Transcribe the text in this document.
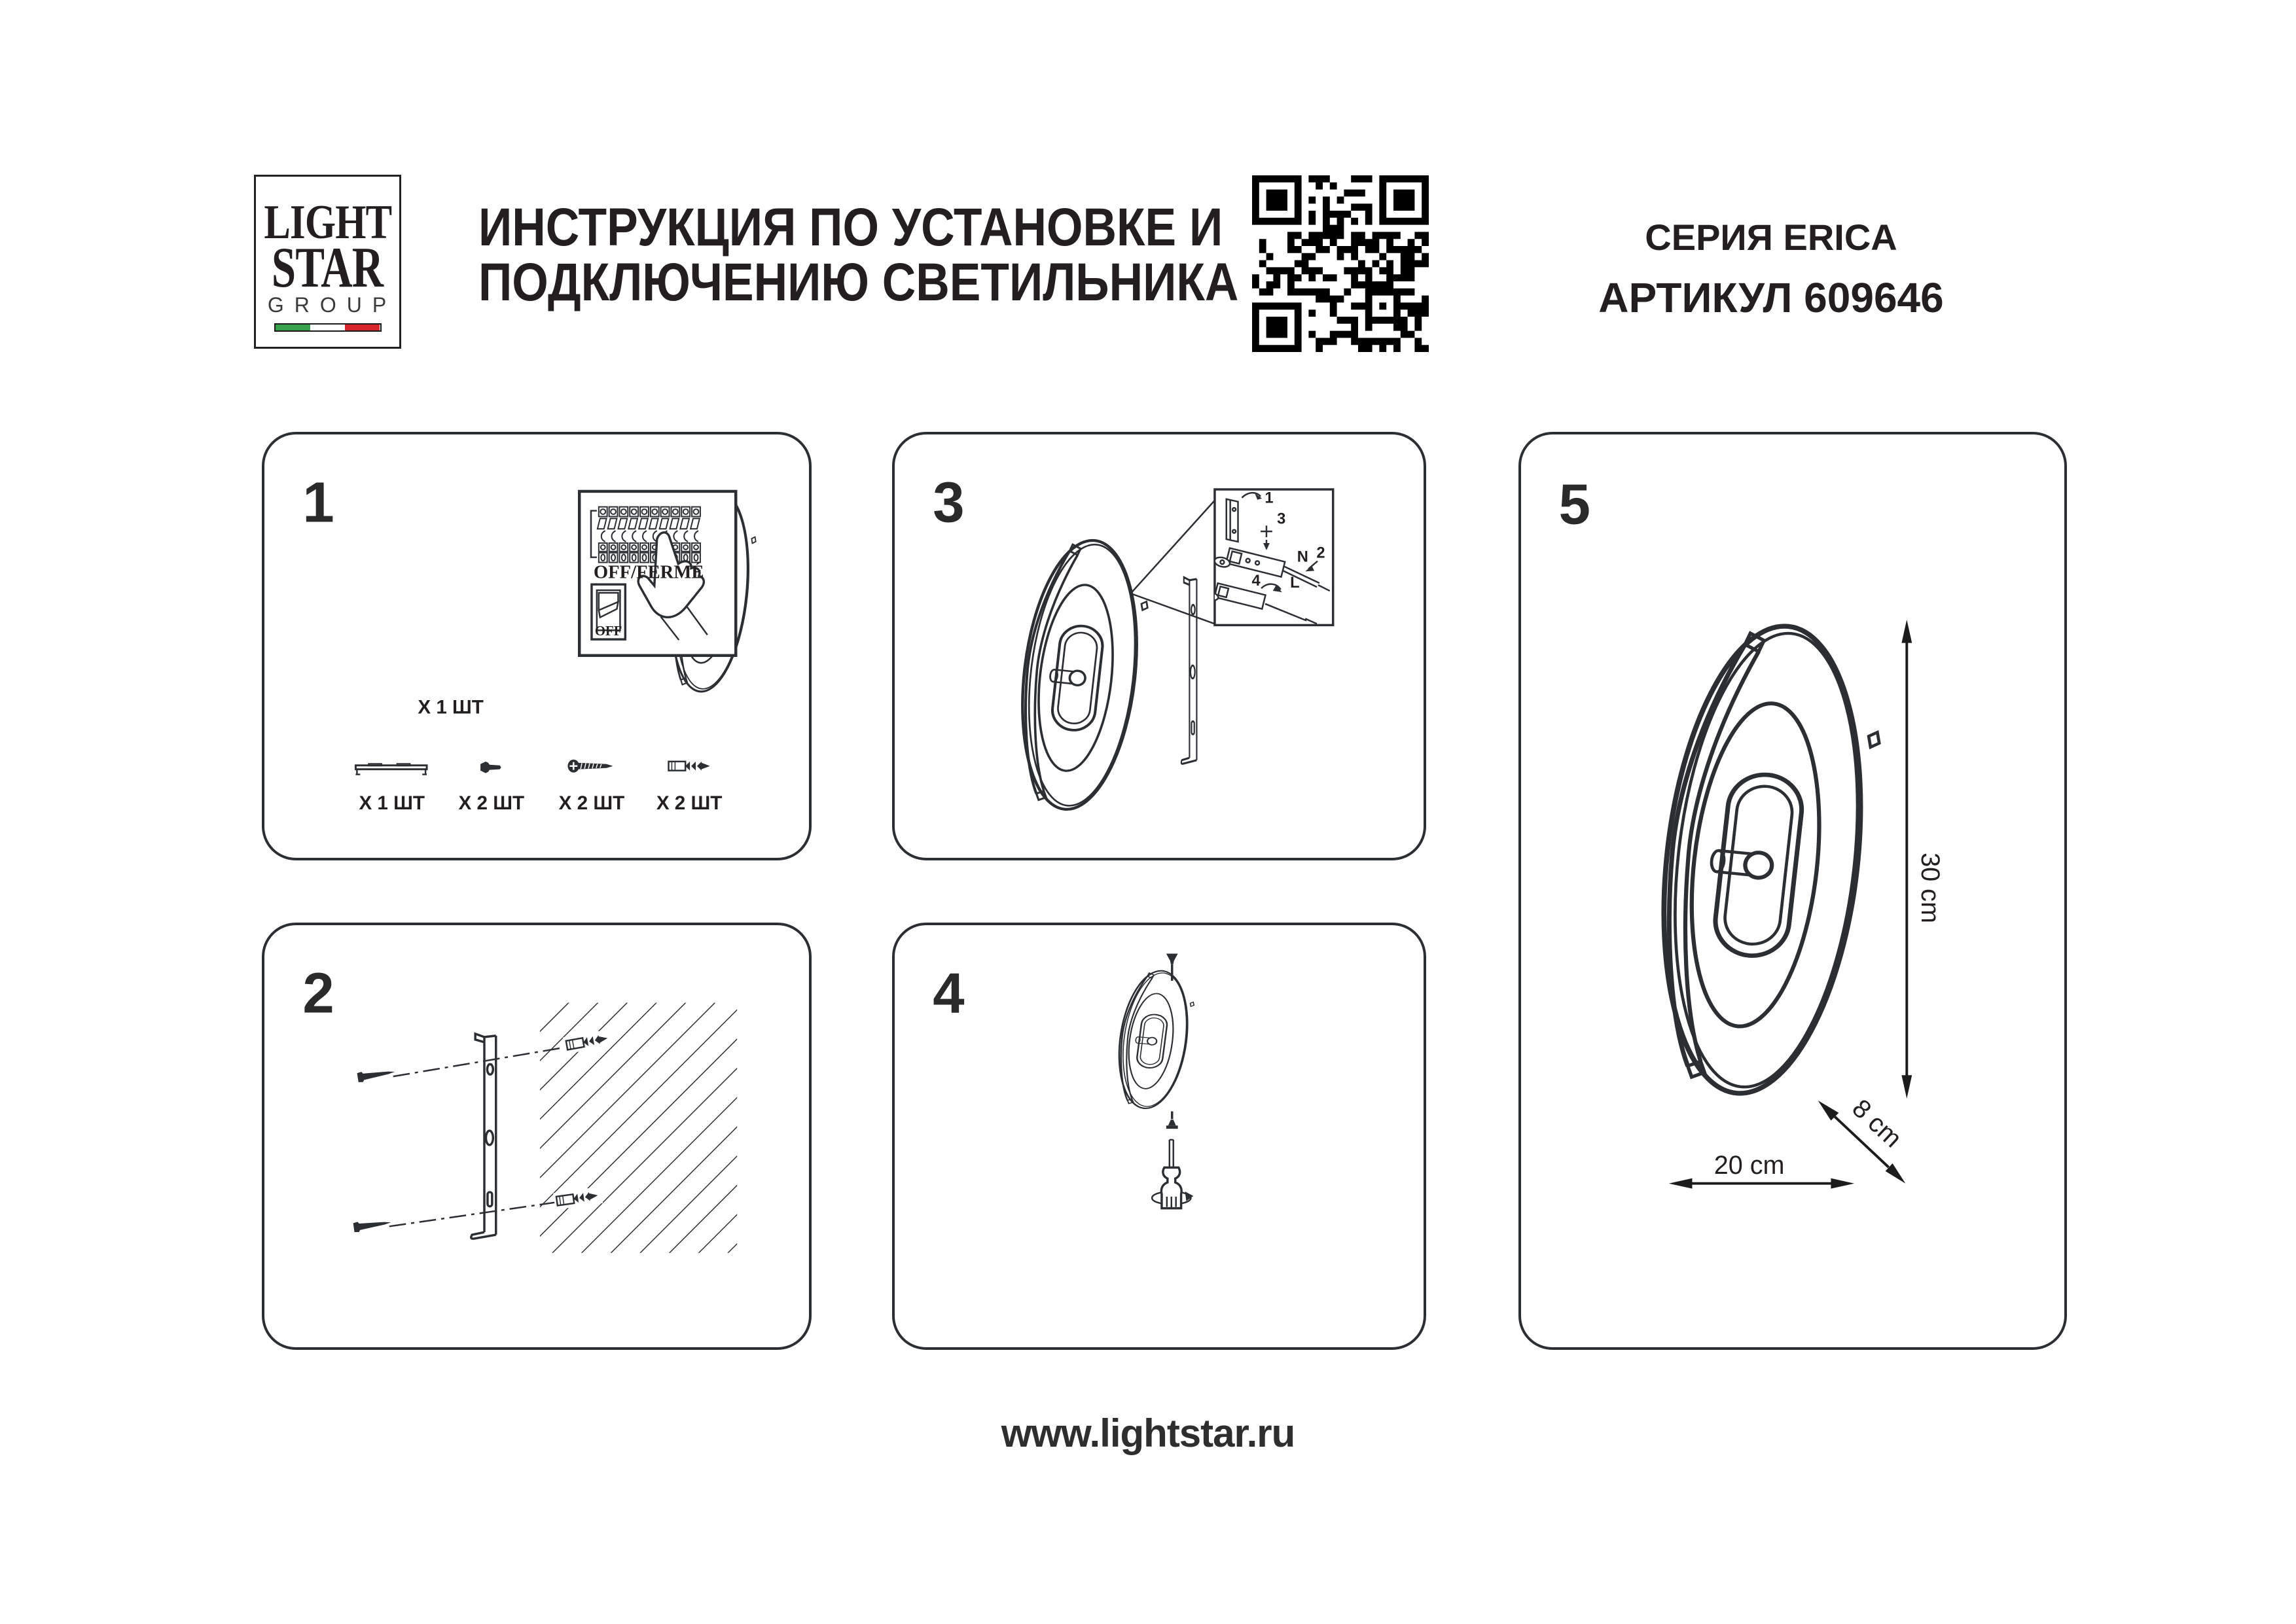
LIGHT
STAR
GROUP
ИНСТРУКЦИЯ ПО УСТАНОВКЕ И
ПОДКЛЮЧЕНИЮ СВЕТИЛЬНИКА
СЕРИЯ ERICA
АРТИКУЛ 609646
1
X 1 ШТ
OFF/FERMÉ
OFF
X 1 ШТ X 2 ШТ X 2 ШТ X 2 ШТ
2
3	1
3
N 2
L
4
4
5
30 cm
20 cm
8 cm
www.lightstar.ru
